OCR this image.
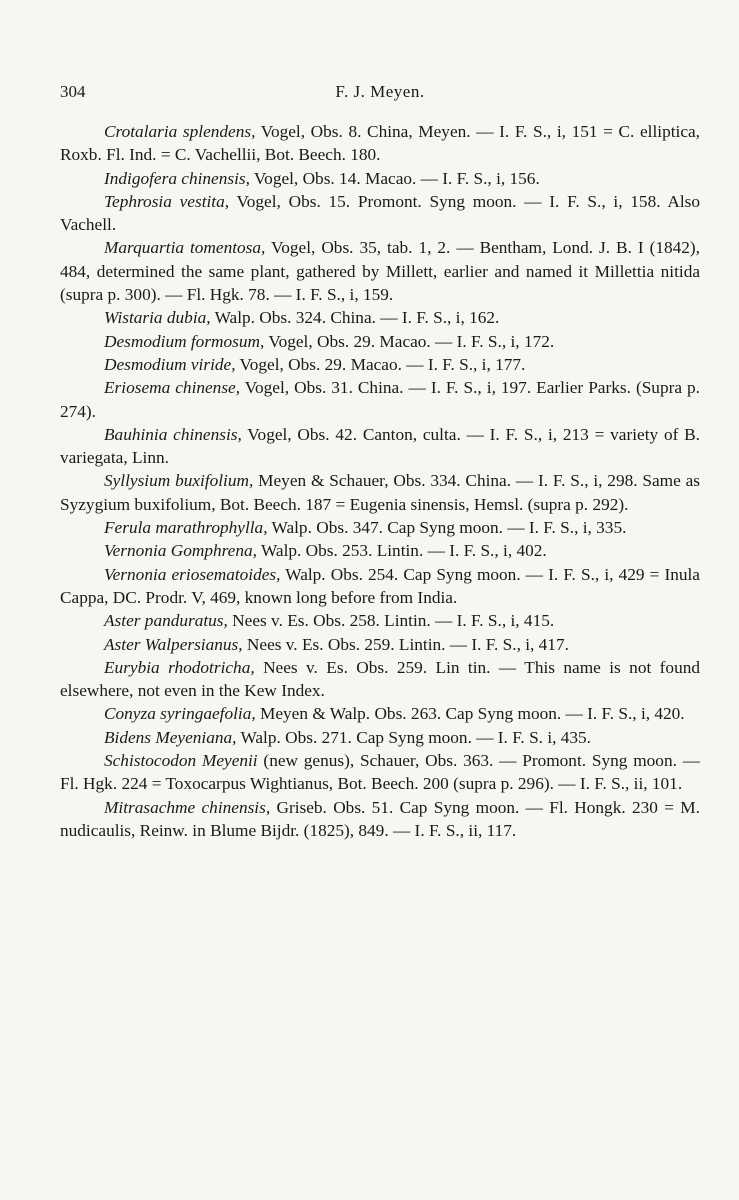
304	F. J. Meyen.

Crotalaria splendens, Vogel, Obs. 8. China, Meyen. — I. F. S., i, 151 = C. elliptica, Roxb. Fl. Ind. = C. Vachellii, Bot. Beech. 180.

Indigofera chinensis, Vogel, Obs. 14. Macao. — I. F. S., i, 156.

Tephrosia vestita, Vogel, Obs. 15. Promont. Syng moon. — I. F. S., i, 158. Also Vachell.

Marquartia tomentosa, Vogel, Obs. 35, tab. 1, 2. — Bentham, Lond. J. B. I (1842), 484, determined the same plant, gathered by Millett, earlier and named it Millettia nitida (supra p. 300). — Fl. Hgk. 78. — I. F. S., i, 159.

Wistaria dubia, Walp. Obs. 324. China. — I. F. S., i, 162.

Desmodium formosum, Vogel, Obs. 29. Macao. — I. F. S., i, 172.

Desmodium viride, Vogel, Obs. 29. Macao. — I. F. S., i, 177.

Eriosema chinense, Vogel, Obs. 31. China. — I. F. S., i, 197. Earlier Parks. (Supra p. 274).

Bauhinia chinensis, Vogel, Obs. 42. Canton, culta. — I. F. S., i, 213 = variety of B. variegata, Linn.

Syllysium buxifolium, Meyen & Schauer, Obs. 334. China. — I. F. S., i, 298. Same as Syzygium buxifolium, Bot. Beech. 187 = Eugenia sinensis, Hemsl. (supra p. 292).

Ferula marathrophylla, Walp. Obs. 347. Cap Syng moon. — I. F. S., i, 335.

Vernonia Gomphrena, Walp. Obs. 253. Lintin. — I. F. S., i, 402.

Vernonia eriosematoides, Walp. Obs. 254. Cap Syng moon. — I. F. S., i, 429 = Inula Cappa, DC. Prodr. V, 469, known long before from India.

Aster panduratus, Nees v. Es. Obs. 258. Lintin. — I. F. S., i, 415.

Aster Walpersianus, Nees v. Es. Obs. 259. Lintin. — I. F. S., i, 417.

Eurybia rhodotricha, Nees v. Es. Obs. 259. Lin tin. — This name is not found elsewhere, not even in the Kew Index.

Conyza syringaefolia, Meyen & Walp. Obs. 263. Cap Syng moon. — I. F. S., i, 420.

Bidens Meyeniana, Walp. Obs. 271. Cap Syng moon. — I. F. S. i, 435.

Schistocodon Meyenii (new genus), Schauer, Obs. 363. — Promont. Syng moon. — Fl. Hgk. 224 = Toxocarpus Wightianus, Bot. Beech. 200 (supra p. 296). — I. F. S., ii, 101.

Mitrasachme chinensis, Griseb. Obs. 51. Cap Syng moon. — Fl. Hongk. 230 = M. nudicaulis, Reinw. in Blume Bijdr. (1825), 849. — I. F. S., ii, 117.
